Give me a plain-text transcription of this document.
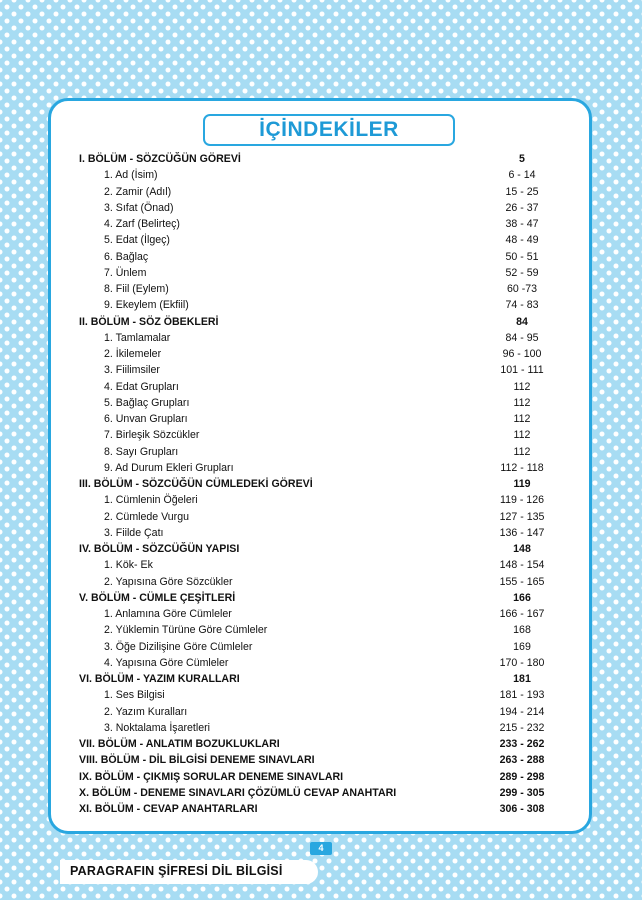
İÇİNDEKİLER
I. BÖLÜM - SÖZCÜĞÜN GÖREVİ	5
1. Ad (İsim)	6 - 14
2. Zamir (Adıl)	15 - 25
3. Sıfat (Önad)	26 - 37
4. Zarf (Belirteç)	38 - 47
5. Edat (İlgeç)	48 - 49
6. Bağlaç	50 - 51
7. Ünlem	52 - 59
8. Fiil (Eylem)	60 -73
9. Ekeylem (Ekfiil)	74 - 83
II. BÖLÜM - SÖZ ÖBEKLERİ	84
1. Tamlamalar	84 - 95
2. İkilemeler	96 - 100
3. Fiilimsiler	101 - 111
4. Edat Grupları	112
5. Bağlaç Grupları	112
6. Unvan Grupları	112
7. Birleşik Sözcükler	112
8. Sayı Grupları	112
9. Ad Durum Ekleri Grupları	112 - 118
III. BÖLÜM - SÖZCÜĞÜN CÜMLEDEKİ GÖREVİ	119
1. Cümlenin Öğeleri	119 - 126
2. Cümlede Vurgu	127 - 135
3. Fiilde Çatı	136 - 147
IV. BÖLÜM - SÖZCÜĞÜN YAPISI	148
1. Kök- Ek	148 - 154
2. Yapısına Göre Sözcükler	155 - 165
V. BÖLÜM - CÜMLE ÇEŞİTLERİ	166
1. Anlamına Göre Cümleler	166 - 167
2. Yüklemin Türüne Göre Cümleler	168
3. Öğe Dizilişine Göre Cümleler	169
4. Yapısına Göre Cümleler	170 - 180
VI. BÖLÜM - YAZIM KURALLARI	181
1. Ses Bilgisi	181 - 193
2. Yazım Kuralları	194 - 214
3. Noktalama İşaretleri	215 - 232
VII. BÖLÜM - ANLATIM BOZUKLUKLARI	233 - 262
VIII. BÖLÜM - DİL BİLGİSİ DENEME SINAVLARI	263 - 288
IX. BÖLÜM - ÇIKMIŞ SORULAR DENEME SINAVLARI	289 - 298
X. BÖLÜM - DENEME SINAVLARI ÇÖZÜMLÜ CEVAP ANAHTARI	299 - 305
XI. BÖLÜM - CEVAP ANAHTARLARI	306 - 308
4
PARAGRAFIN ŞİFRESİ DİL BİLGİSİ
